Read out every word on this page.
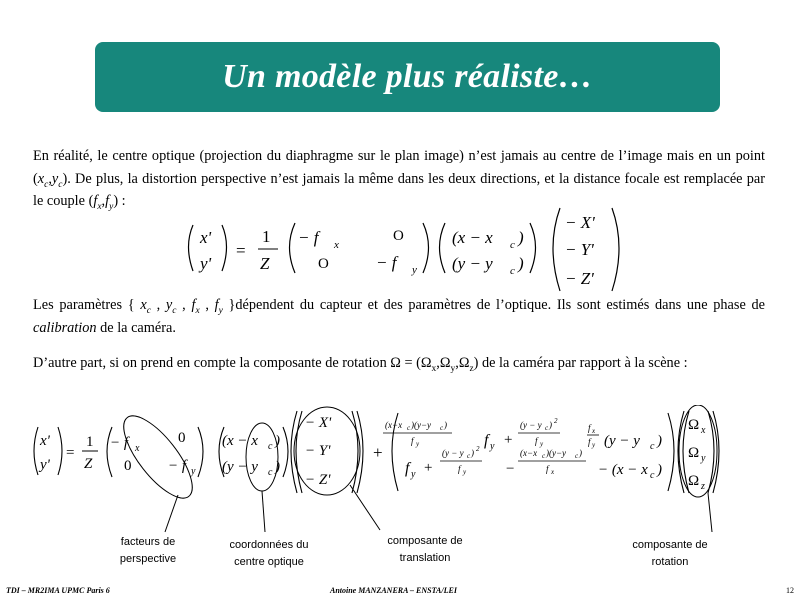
Un modèle plus réaliste…

En réalité, le centre optique (projection du diaphragme sur le plan image) n’est jamais au centre de l’image mais en un point $(x_c,y_c)$. De plus, la distortion perspective n’est jamais la même dans les deux directions, et la distance focale est remplacée par le couple $(f_x,f_y)$ :

x'
y'
=
1
Z
− f x
O
O	− f y
(x − x c )
(y − y c )
− X'
− Y'
− Z'

Les paramètres { $x_c$ , $y_c$ , $f_x$ , $f_y$ }dépendent du capteur et des paramètres de l’optique. Ils sont estimés dans une phase de calibration de la caméra.

D’autre part, si on prend en compte la composante de rotation $\Omega = (\Omega_x,\Omega_y,\Omega_z)$ de la caméra par rapport à la scène :

x'
y'
=
1
Z
− f x
0
0 − f y
(x − x c )
(y − y c )
− X'
− Y'
− Z'
+
(x−x c )(y−y c )
f y	f y +
(y − y c ) 2
f y
f x
f y (y − y c )
f y +
(y − y c ) 2
f y	−
(x−x c )(y−y c )
f x	− (x − x c )
Ω x
Ω y
Ω z
facteurs de
perspective
coordonnées du
centre optique
composante de
translation
composante de
rotation
TDI – MR2IMA UPMC Paris 6	Antoine MANZANERA – ENSTA/LEI	12
